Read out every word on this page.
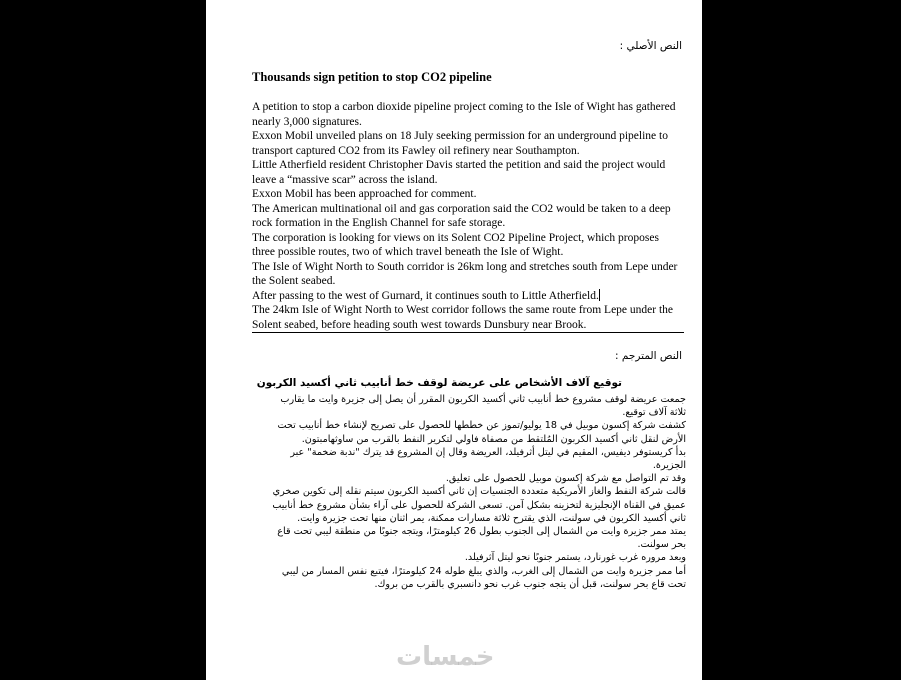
النص الأصلي :
Thousands sign petition to stop CO2 pipeline

A petition to stop a carbon dioxide pipeline project coming to the Isle of Wight has gathered nearly 3,000 signatures.

Exxon Mobil unveiled plans on 18 July seeking permission for an underground pipeline to transport captured CO2 from its Fawley oil refinery near Southampton.

Little Atherfield resident Christopher Davis started the petition and said the project would leave a “massive scar” across the island.

Exxon Mobil has been approached for comment.

The American multinational oil and gas corporation said the CO2 would be taken to a deep rock formation in the English Channel for safe storage.

The corporation is looking for views on its Solent CO2 Pipeline Project, which proposes three possible routes, two of which travel beneath the Isle of Wight.

The Isle of Wight North to South corridor is 26km long and stretches south from Lepe under the Solent seabed.

After passing to the west of Gurnard, it continues south to Little Atherfield.

The 24km Isle of Wight North to West corridor follows the same route from Lepe under the Solent seabed, before heading south west towards Dunsbury near Brook.

النص المترجم :
توقيع آلاف الأشخاص على عريضة لوقف خط أنابيب ثاني أكسيد الكربون

جمعت عريضة لوقف مشروع خط أنابيب ثاني أكسيد الكربون المقرر أن يصل إلى جزيرة وايت ما يقارب ثلاثة آلاف توقيع.

كشفت شركة إكسون موبيل في 18 يوليو/تموز عن خططها للحصول على تصريح لإنشاء خط أنابيب تحت الأرض لنقل ثاني أكسيد الكربون المُلتقط من مصفاة فاولي لتكرير النفط بالقرب من ساوثهامبتون.

بدأ كريستوفر ديفيس، المقيم في ليتل أثرفيلد، العريضة وقال إن المشروع قد يترك "ندبة ضخمة" عبر الجزيرة.

وقد تم التواصل مع شركة إكسون موبيل للحصول على تعليق.

قالت شركة النفط والغاز الأمريكية متعددة الجنسيات إن ثاني أكسيد الكربون سيتم نقله إلى تكوين صخري عميق في القناة الإنجليزية لتخزينه بشكل آمن. تسعى الشركة للحصول على آراء بشأن مشروع خط أنابيب ثاني أكسيد الكربون في سولنت، الذي يقترح ثلاثة مسارات ممكنة، يمر اثنان منها تحت جزيرة وايت.

يمتد ممر جزيرة وايت من الشمال إلى الجنوب بطول 26 كيلومترًا، ويتجه جنوبًا من منطقة ليبي تحت قاع بحر سولنت.

وبعد مروره غرب غورنارد، يستمر جنوبًا نحو ليتل آثرفيلد.

أما ممر جزيرة وايت من الشمال إلى الغرب، والذي يبلغ طوله 24 كيلومترًا، فيتبع نفس المسار من ليبي تحت قاع بحر سولنت، قبل أن يتجه جنوب غرب نحو دانسبري بالقرب من بروك.

خمسات
